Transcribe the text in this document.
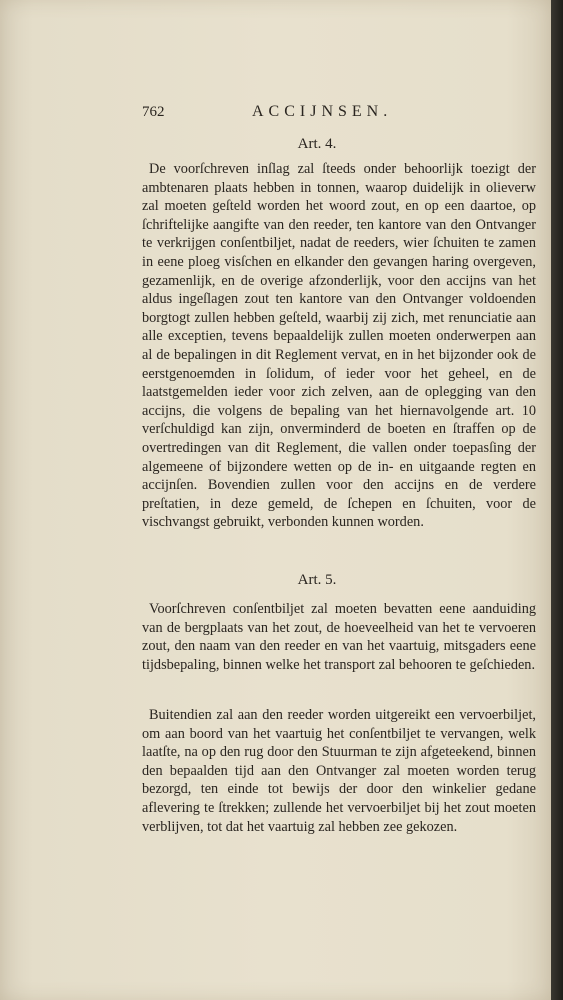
762	ACCIJNSEN.
Art. 4.

De voorſchreven inſlag zal ſteeds onder behoorlijk toezigt der ambtenaren plaats hebben in tonnen, waarop duidelijk in olieverw zal moeten geſteld worden het woord zout, en op een daartoe, op ſchriftelijke aangifte van den reeder, ten kantore van den Ontvanger te verkrijgen conſentbiljet, nadat de reeders, wier ſchuiten te zamen in eene ploeg visſchen en elkander den gevangen haring overgeven, gezamenlijk, en de overige afzonderlijk, voor den accijns van het aldus ingeſlagen zout ten kantore van den Ontvanger voldoenden borgtogt zullen hebben geſteld, waarbij zij zich, met renunciatie aan alle exceptien, tevens bepaaldelijk zullen moeten onderwerpen aan al de bepalingen in dit Reglement vervat, en in het bijzonder ook de eerstgenoemden in ſolidum, of ieder voor het geheel, en de laatstgemelden ieder voor zich zelven, aan de oplegging van den accijns, die volgens de bepaling van het hiernavolgende art. 10 verſchuldigd kan zijn, onverminderd de boeten en ſtraffen op de overtredingen van dit Reglement, die vallen onder toepasſing der algemeene of bijzondere wetten op de in- en uitgaande regten en accijnſen. Bovendien zullen voor den accijns en de verdere preſtatien, in deze gemeld, de ſchepen en ſchuiten, voor de vischvangst gebruikt, verbonden kunnen worden.

Art. 5.

Voorſchreven conſentbiljet zal moeten bevatten eene aanduiding van de bergplaats van het zout, de hoeveelheid van het te vervoeren zout, den naam van den reeder en van het vaartuig, mitsgaders eene tijdsbepaling, binnen welke het transport zal behooren te geſchieden.

Buitendien zal aan den reeder worden uitgereikt een vervoerbiljet, om aan boord van het vaartuig het conſentbiljet te vervangen, welk laatſte, na op den rug door den Stuurman te zijn afgeteekend, binnen den bepaalden tijd aan den Ontvanger zal moeten worden terug bezorgd, ten einde tot bewijs der door den winkelier gedane aflevering te ſtrekken; zullende het vervoerbiljet bij het zout moeten verblijven, tot dat het vaartuig zal hebben zee gekozen.
